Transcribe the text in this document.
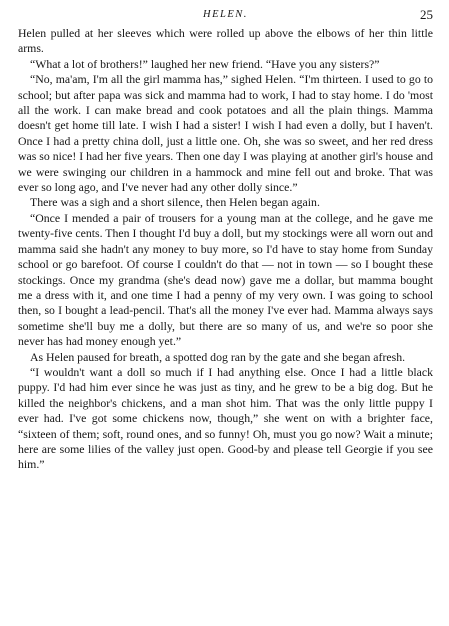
HELEN.	25

Helen pulled at her sleeves which were rolled up above the elbows of her thin little arms.

“What a lot of brothers!” laughed her new friend. “Have you any sisters?”

“No, ma'am, I'm all the girl mamma has,” sighed Helen. “I'm thirteen. I used to go to school; but after papa was sick and mamma had to work, I had to stay home. I do 'most all the work. I can make bread and cook potatoes and all the plain things. Mamma doesn't get home till late. I wish I had a sister! I wish I had even a dolly, but I haven't. Once I had a pretty china doll, just a little one. Oh, she was so sweet, and her red dress was so nice! I had her five years. Then one day I was playing at another girl's house and we were swinging our children in a hammock and mine fell out and broke. That was ever so long ago, and I've never had any other dolly since.”

There was a sigh and a short silence, then Helen began again.

“Once I mended a pair of trousers for a young man at the college, and he gave me twenty-five cents. Then I thought I'd buy a doll, but my stockings were all worn out and mamma said she hadn't any money to buy more, so I'd have to stay home from Sunday school or go barefoot. Of course I couldn't do that — not in town — so I bought these stockings. Once my grandma (she's dead now) gave me a dollar, but mamma bought me a dress with it, and one time I had a penny of my very own. I was going to school then, so I bought a lead-pencil. That's all the money I've ever had. Mamma always says sometime she'll buy me a dolly, but there are so many of us, and we're so poor she never has had money enough yet.”

As Helen paused for breath, a spotted dog ran by the gate and she began afresh.

“I wouldn't want a doll so much if I had anything else. Once I had a little black puppy. I'd had him ever since he was just as tiny, and he grew to be a big dog. But he killed the neighbor's chickens, and a man shot him. That was the only little puppy I ever had. I've got some chickens now, though,” she went on with a brighter face, “sixteen of them; soft, round ones, and so funny! Oh, must you go now? Wait a minute; here are some lilies of the valley just open. Good-by and please tell Georgie if you see him.”
